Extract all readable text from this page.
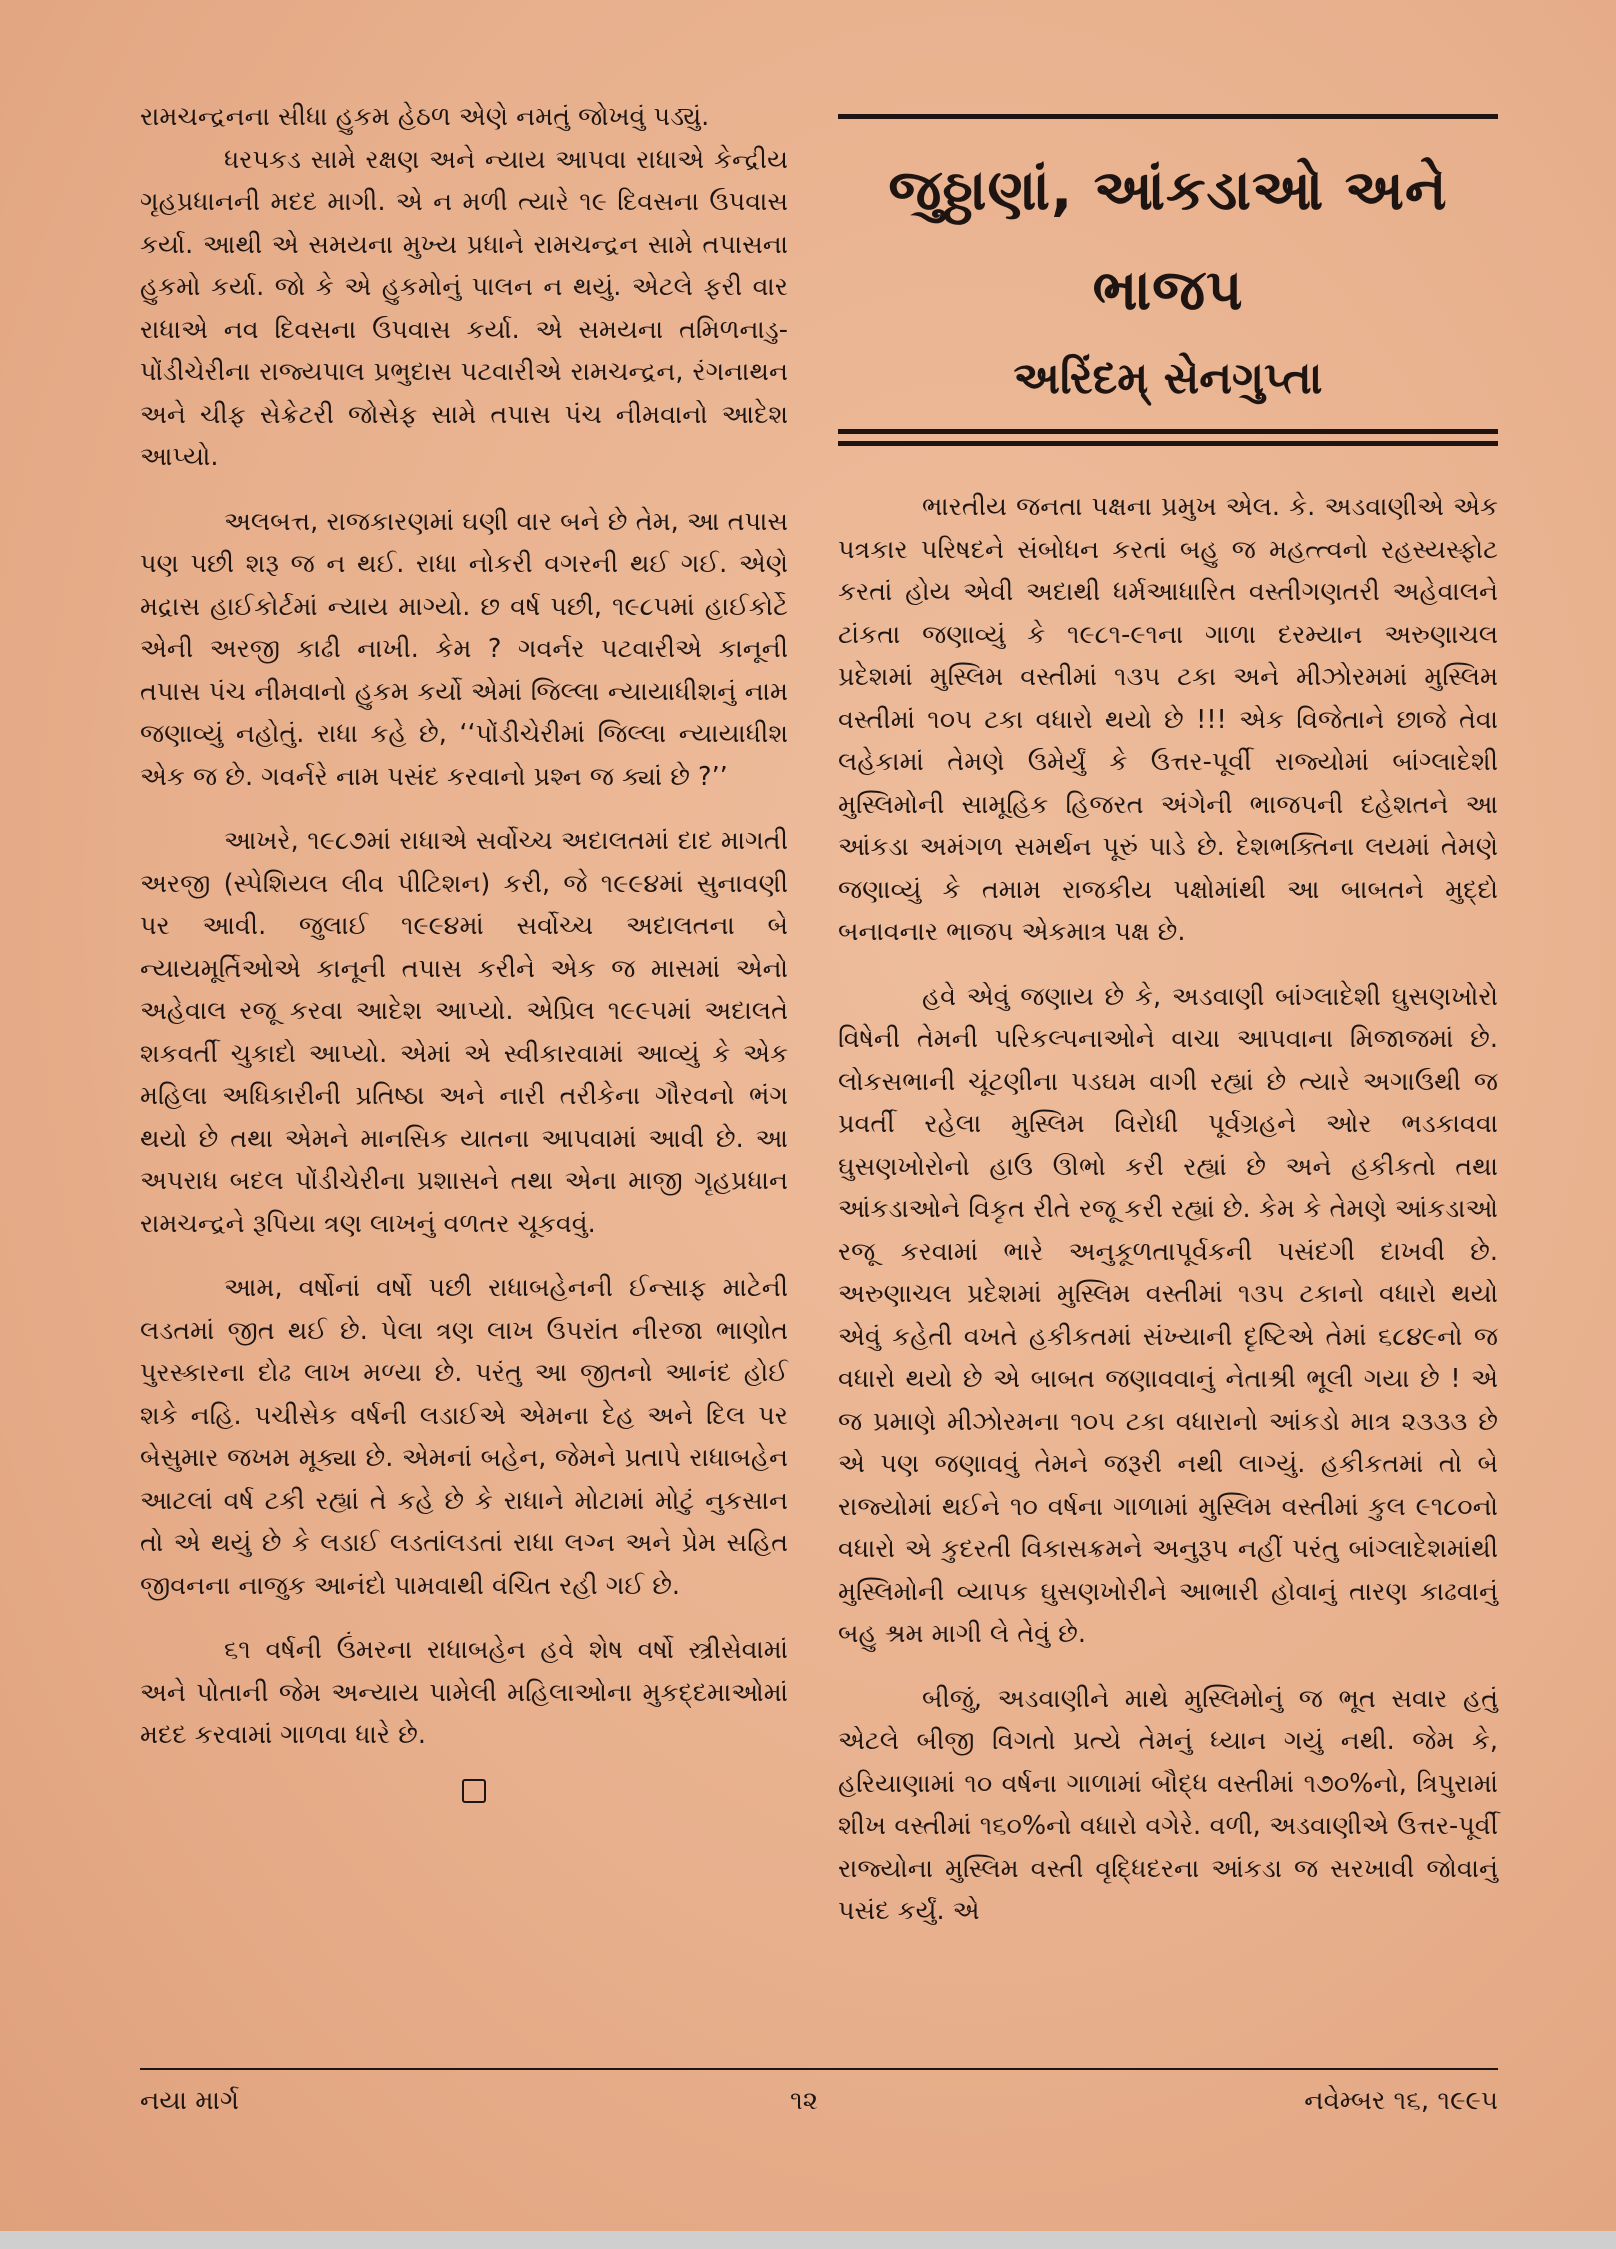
રામચન્દ્રનના સીધા હુકમ હેઠળ એણે નમતું જોખવું પડ્યું.

ધરપકડ સામે રક્ષણ અને ન્યાય આપવા રાધાએ કેન્દ્રીય ગૃહપ્રધાનની મદદ માગી. એ ન મળી ત્યારે ૧૯ દિવસના ઉપવાસ કર્યા. આથી એ સમયના મુખ્ય પ્રધાને રામચન્દ્રન સામે તપાસના હુકમો કર્યા. જો કે એ હુકમોનું પાલન ન થયું. એટલે ફરી વાર રાધાએ નવ દિવસના ઉપવાસ કર્યા. એ સમયના તમિળનાડુ-પોંડીચેરીના રાજ્યપાલ પ્રભુદાસ પટવારીએ રામચન્દ્રન, રંગનાથન અને ચીફ સેક્રેટરી જોસેફ સામે તપાસ પંચ નીમવાનો આદેશ આપ્યો.

અલબત્ત, રાજકારણમાં ઘણી વાર બને છે તેમ, આ તપાસ પણ પછી શરૂ જ ન થઈ. રાધા નોકરી વગરની થઈ ગઈ. એણે મદ્રાસ હાઈકોર્ટમાં ન્યાય માગ્યો. છ વર્ષ પછી, ૧૯૮૫માં હાઈકોર્ટે એની અરજી કાઢી નાખી. કેમ ? ગવર્નર પટવારીએ કાનૂની તપાસ પંચ નીમવાનો હુકમ કર્યો એમાં જિલ્લા ન્યાયાધીશનું નામ જણાવ્યું નહોતું. રાધા કહે છે, ‘‘પોંડીચેરીમાં જિલ્લા ન્યાયાધીશ એક જ છે. ગવર્નરે નામ પસંદ કરવાનો પ્રશ્ન જ ક્યાં છે ?’’

આખરે, ૧૯૮૭માં રાધાએ સર્વોચ્ચ અદાલતમાં દાદ માગતી અરજી (સ્પેશિયલ લીવ પીટિશન) કરી, જે ૧૯૯૪માં સુનાવણી પર આવી. જુલાઈ ૧૯૯૪માં સર્વોચ્ચ અદાલતના બે ન્યાયમૂર્તિઓએ કાનૂની તપાસ કરીને એક જ માસમાં એનો અહેવાલ રજૂ કરવા આદેશ આપ્યો. એપ્રિલ ૧૯૯૫માં અદાલતે શકવર્તી ચુકાદો આપ્યો. એમાં એ સ્વીકારવામાં આવ્યું કે એક મહિલા અધિકારીની પ્રતિષ્ઠા અને નારી તરીકેના ગૌરવનો ભંગ થયો છે તથા એમને માનસિક યાતના આપવામાં આવી છે. આ અપરાધ બદલ પોંડીચેરીના પ્રશાસને તથા એના માજી ગૃહપ્રધાન રામચન્દ્રને રૂપિયા ત્રણ લાખનું વળતર ચૂકવવું.

આમ, વર્ષોનાં વર્ષો પછી રાધાબહેનની ઈન્સાફ માટેની લડતમાં જીત થઈ છે. પેલા ત્રણ લાખ ઉપરાંત નીરજા ભાણોત પુરસ્કારના દોઢ લાખ મળ્યા છે. પરંતુ આ જીતનો આનંદ હોઈ શકે નહિ. પચીસેક વર્ષની લડાઈએ એમના દેહ અને દિલ પર બેસુમાર જખમ મૂક્યા છે. એમનાં બહેન, જેમને પ્રતાપે રાધાબહેન આટલાં વર્ષ ટકી રહ્યાં તે કહે છે કે રાધાને મોટામાં મોટું નુકસાન તો એ થયું છે કે લડાઈ લડતાંલડતાં રાધા લગ્ન અને પ્રેમ સહિત જીવનના નાજુક આનંદો પામવાથી વંચિત રહી ગઈ છે.

૬૧ વર્ષની ઉંમરના રાધાબહેન હવે શેષ વર્ષો સ્ત્રીસેવામાં અને પોતાની જેમ અન્યાય પામેલી મહિલાઓના મુકદ્દમાઓમાં મદદ કરવામાં ગાળવા ધારે છે.

જુઠ્ઠાણાં, આંકડાઓ અને ભાજપ
અરિંદમ્ સેનગુપ્તા

ભારતીય જનતા પક્ષના પ્રમુખ એલ. કે. અડવાણીએ એક પત્રકાર પરિષદને સંબોધન કરતાં બહુ જ મહત્ત્વનો રહસ્યસ્ફોટ કરતાં હોય એવી અદાથી ધર્મઆધારિત વસ્તીગણતરી અહેવાલને ટાંકતા જણાવ્યું કે ૧૯૮૧-૯૧ના ગાળા દરમ્યાન અરુણાચલ પ્રદેશમાં મુસ્લિમ વસ્તીમાં ૧૩૫ ટકા અને મીઝોરમમાં મુસ્લિમ વસ્તીમાં ૧૦૫ ટકા વધારો થયો છે !!! એક વિજેતાને છાજે તેવા લહેકામાં તેમણે ઉમેર્યું કે ઉત્તર-પૂર્વી રાજ્યોમાં બાંગ્લાદેશી મુસ્લિમોની સામૂહિક હિજરત અંગેની ભાજપની દહેશતને આ આંકડા અમંગળ સમર્થન પૂરું પાડે છે. દેશભક્તિના લયમાં તેમણે જણાવ્યું કે તમામ રાજકીય પક્ષોમાંથી આ બાબતને મુદ્દો બનાવનાર ભાજપ એકમાત્ર પક્ષ છે.

હવે એવું જણાય છે કે, અડવાણી બાંગ્લાદેશી ઘુસણખોરો વિષેની તેમની પરિકલ્પનાઓને વાચા આપવાના મિજાજમાં છે. લોકસભાની ચૂંટણીના પડઘમ વાગી રહ્યાં છે ત્યારે અગાઉથી જ પ્રવર્તી રહેલા મુસ્લિમ વિરોધી પૂર્વગ્રહને ઓર ભડકાવવા ઘુસણખોરોનો હાઉ ઊભો કરી રહ્યાં છે અને હકીકતો તથા આંકડાઓને વિકૃત રીતે રજૂ કરી રહ્યાં છે. કેમ કે તેમણે આંકડાઓ રજૂ કરવામાં ભારે અનુકૂળતાપૂર્વકની પસંદગી દાખવી છે. અરુણાચલ પ્રદેશમાં મુસ્લિમ વસ્તીમાં ૧૩૫ ટકાનો વધારો થયો એવું કહેતી વખતે હકીકતમાં સંખ્યાની દૃષ્ટિએ તેમાં ૬૮૪૯નો જ વધારો થયો છે એ બાબત જણાવવાનું નેતાશ્રી ભૂલી ગયા છે ! એ જ પ્રમાણે મીઝોરમના ૧૦૫ ટકા વધારાનો આંકડો માત્ર ૨૩૩૩ છે એ પણ જણાવવું તેમને જરૂરી નથી લાગ્યું. હકીકતમાં તો બે રાજ્યોમાં થઈને ૧૦ વર્ષના ગાળામાં મુસ્લિમ વસ્તીમાં કુલ ૯૧૮૦નો વધારો એ કુદરતી વિકાસક્રમને અનુરૂપ નહીં પરંતુ બાંગ્લાદેશમાંથી મુસ્લિમોની વ્યાપક ઘુસણખોરીને આભારી હોવાનું તારણ કાઢવાનું બહુ શ્રમ માગી લે તેવું છે.

બીજું, અડવાણીને માથે મુસ્લિમોનું જ ભૂત સવાર હતું એટલે બીજી વિગતો પ્રત્યે તેમનું ધ્યાન ગયું નથી. જેમ કે, હરિયાણામાં ૧૦ વર્ષના ગાળામાં બૌદ્ધ વસ્તીમાં ૧૭૦%નો, ત્રિપુરામાં શીખ વસ્તીમાં ૧૬૦%નો વધારો વગેરે. વળી, અડવાણીએ ઉત્તર-પૂર્વી રાજ્યોના મુસ્લિમ વસ્તી વૃદ્ધિદરના આંકડા જ સરખાવી જોવાનું પસંદ કર્યું. એ

નયા માર્ગ	૧૨	નવેમ્બર ૧૬, ૧૯૯૫
